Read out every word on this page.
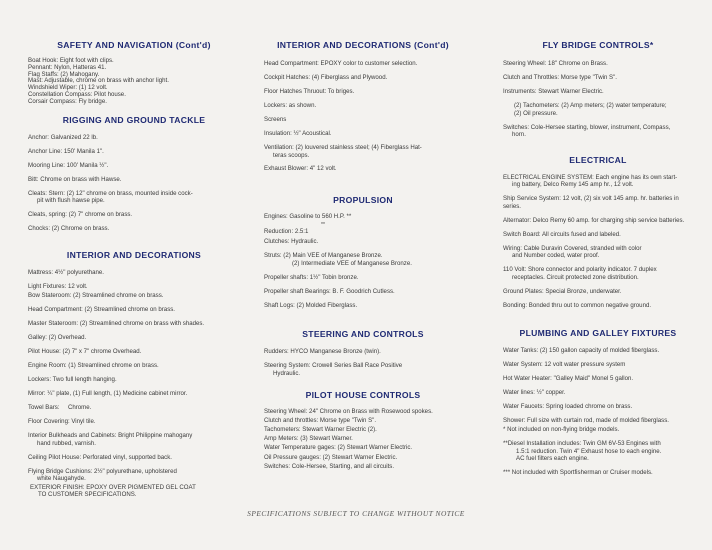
SAFETY AND NAVIGATION (Cont'd)

Boat Hook: Eight foot with clips.

Pennant: Nylon, Hatteras 41.

Flag Staffs: (2) Mahogany.

Mast: Adjustable, chrome on brass with anchor light.

Windshield Wiper: (1) 12 volt.

Constellation Compass: Pilot house.

Corsair Compass: Fly bridge.

RIGGING AND GROUND TACKLE

Anchor: Galvanized 22 lb.

Anchor Line: 150' Manila 1".

Mooring Line: 100' Manila ½".

Bitt: Chrome on brass with Hawse.

Cleats: Stern: (2) 12" chrome on brass, mounted inside cock-

pit with flush hawse pipe.

Cleats, spring: (2) 7" chrome on brass.

Chocks: (2) Chrome on brass.

INTERIOR AND DECORATIONS

Mattress: 4½" polyurethane.

Light Fixtures: 12 volt.

Bow Stateroom: (2) Streamlined chrome on brass.

Head Compartment: (2) Streamlined chrome on brass.

Master Stateroom: (2) Streamlined chrome on brass with shades.

Galley: (2) Overhead.

Pilot House: (2) 7" x 7" chrome Overhead.

Engine Room: (1) Streamlined chrome on brass.

Lockers: Two full length hanging.

Mirror: ¼" plate, (1) Full length, (1) Medicine cabinet mirror.

Towel Bars:     Chrome.

Floor Covering: Vinyl tile.

Interior Bulkheads and Cabinets: Bright Philippine mahogany

hand rubbed, varnish.

Ceiling Pilot House: Perforated vinyl, supported back.

Flying Bridge Cushions: 2½" polyurethane, upholstered

white Naugahyde.

EXTERIOR FINISH: EPOXY OVER PIGMENTED GEL COAT

TO CUSTOMER SPECIFICATIONS.

INTERIOR AND DECORATIONS (Cont'd)

Head Compartment: EPOXY color to customer selection.

Cockpit Hatches: (4) Fiberglass and Plywood.

Floor Hatches Thruout: To briges.

Lockers: as shown.

Screens

Insulation: ½" Acoustical.

Ventilation: (2) louvered stainless steel; (4) Fiberglass Hat-

teras scoops.

Exhaust Blower: 4" 12 volt.

PROPULSION

Engines: Gasoline to 560 H.P. **

**

Reduction: 2.5:1

Clutches: Hydraulic.

Struts: (2) Main VEE of Manganese Bronze.

(2) Intermediate VEE of Manganese Bronze.

Propeller shafts: 1½" Tobin bronze.

Propeller shaft Bearings: B. F. Goodrich Cutless.

Shaft Logs: (2) Molded Fiberglass.

STEERING AND CONTROLS

Rudders: HYCO Manganese Bronze (twin).

Steering System: Crowell Series Ball Race Positive

Hydraulic.

PILOT HOUSE CONTROLS

Steering Wheel: 24" Chrome on Brass with Rosewood spokes.

Clutch and throttles: Morse type "Twin S".

Tachometers: Stewart Warner Electric (2).

Amp Meters: (3) Stewart Warner.

Water Temperature gages: (2) Stewart Warner Electric.

Oil Pressure gauges: (2) Stewart Warner Electric.

Switches: Cole-Hersee, Starting, and all circuits.

FLY BRIDGE CONTROLS*

Steering Wheel: 18" Chrome on Brass.

Clutch and Throttles: Morse type "Twin S".

Instruments: Stewart Warner Electric.

(2) Tachometers: (2) Amp meters; (2) water temperature;

(2) Oil pressure.

Switches: Cole-Hersee starting, blower, instrument, Compass,

horn.

ELECTRICAL

ELECTRICAL ENGINE SYSTEM: Each engine has its own start-

ing battery, Delco Remy 145 amp hr., 12 volt.

Ship Service System: 12 volt, (2) six volt 145 amp. hr. batteries in series.

Alternator: Delco Remy 60 amp. for charging ship service batteries.

Switch Board: All circuits fused and labeled.

Wiring: Cable Duravin Covered, stranded with color

and Number coded, water proof.

110 Volt: Shore connector and polarity indicator. 7 duplex

receptacles. Circuit protected zone distribution.

Ground Plates: Special Bronze, underwater.

Bonding: Bonded thru out to common negative ground.

PLUMBING AND GALLEY FIXTURES

Water Tanks: (2) 150 gallon capacity of molded fiberglass.

Water System: 12 volt water pressure system

Hot Water Heater: "Galley Maid" Monel 5 gallon.

Water lines: ½" copper.

Water Faucets: Spring loaded chrome on brass.

Shower: Full size with curtain rod, made of molded fiberglass.

* Not included on non-flying bridge models.

**Diesel Installation includes: Twin GM 6V-53 Engines with

1.5:1 reduction. Twin 4" Exhaust hose to each engine.

AC fuel filters each engine.

*** Not included with Sportfisherman or Cruiser models.

SPECIFICATIONS SUBJECT TO CHANGE WITHOUT NOTICE
